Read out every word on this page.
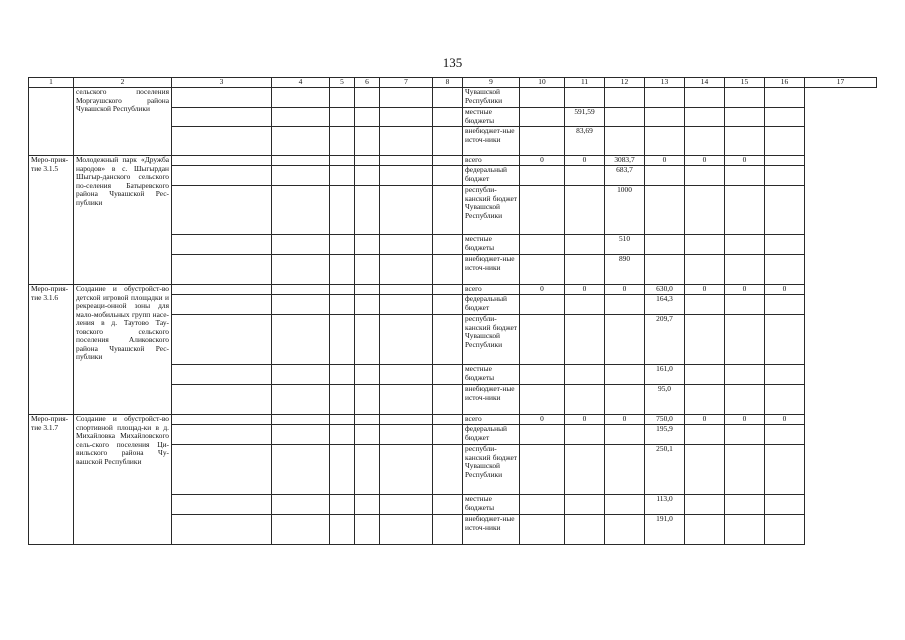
135
1	2	3	4	5	6	7	8	9	10	11	12	13	14	15	16	17
	сельского поселения Моргаушского района Чувашской Республики							Чувашской Республики								
								местные бюджеты		591,59						
								внебюджет-ные источ-ники		83,69						
Меро-прия-тие 3.1.5	Молодежный парк «Дружба народов» в с. Шыгырдан Шыгыр-данского сельского по-селения Батыревского района Чувашской Рес-публики							всего	0	0	3083,7	0	0	0		
								федеральный бюджет			683,7					
								республи-канский бюджет Чувашской Республики			1000					
								местные бюджеты			510					
								внебюджет-ные источ-ники			890					
Меро-прия-тие 3.1.6	Создание и обустройст-во детской игровой площадки и рекреаци-онной зоны для мало-мобильных групп насе-ления в д. Таутово Тау-товского сельского поселения Аликовского района Чувашской Рес-публики							всего	0	0	0	630,0	0	0	0	
								федеральный бюджет				164,3				
								республи-канский бюджет Чувашской Республики				209,7				
								местные бюджеты				161,0				
								внебюджет-ные источ-ники				95,0				
Меро-прия-тие 3.1.7	Создание и обустройст-во спортивной площад-ки в д. Михайловка Михайловского сель-ского поселения Ци-вильского района Чу-вашской Республики							всего	0	0	0	750,0	0	0	0	
								федеральный бюджет				195,9				
								республи-канский бюджет Чувашской Республики				250,1				
								местные бюджеты				113,0				
								внебюджет-ные источ-ники				191,0				
